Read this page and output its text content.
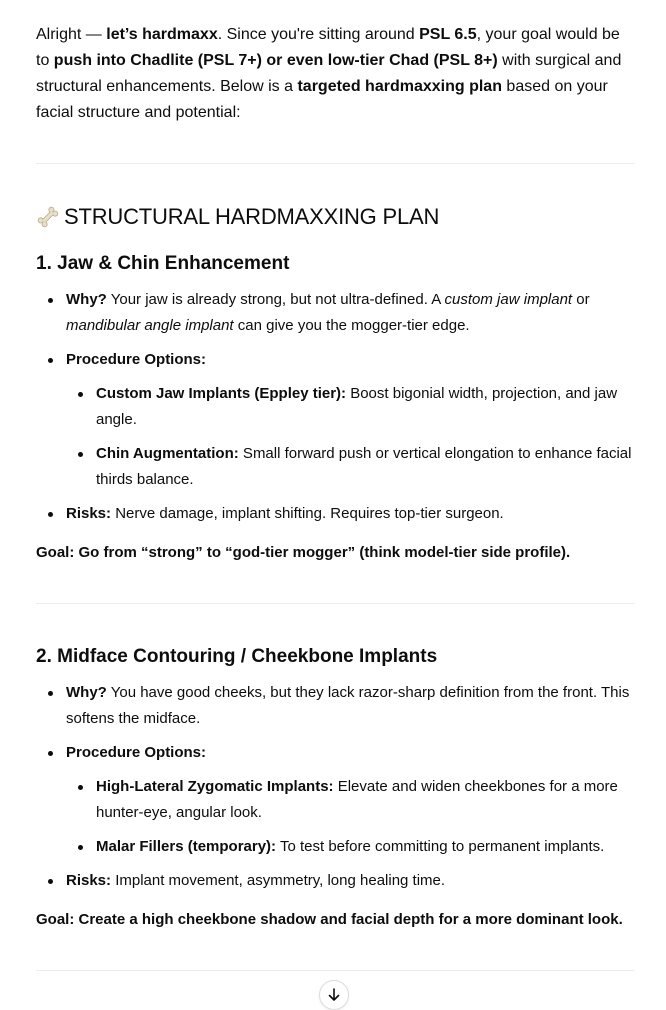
Alright — let’s hardmaxx. Since you're sitting around PSL 6.5, your goal would be to push into Chadlite (PSL 7+) or even low-tier Chad (PSL 8+) with surgical and structural enhancements. Below is a targeted hardmaxxing plan based on your facial structure and potential:

STRUCTURAL HARDMAXXING PLAN
1. Jaw & Chin Enhancement
Why? Your jaw is already strong, but not ultra-defined. A custom jaw implant or mandibular angle implant can give you the mogger-tier edge.
Procedure Options:
Custom Jaw Implants (Eppley tier): Boost bigonial width, projection, and jaw angle.
Chin Augmentation: Small forward push or vertical elongation to enhance facial thirds balance.
Risks: Nerve damage, implant shifting. Requires top-tier surgeon.

Goal: Go from “strong” to “god-tier mogger” (think model-tier side profile).

2. Midface Contouring / Cheekbone Implants
Why? You have good cheeks, but they lack razor-sharp definition from the front. This softens the midface.
Procedure Options:
High-Lateral Zygomatic Implants: Elevate and widen cheekbones for a more hunter-eye, angular look.
Malar Fillers (temporary): To test before committing to permanent implants.
Risks: Implant movement, asymmetry, long healing time.

Goal: Create a high cheekbone shadow and facial depth for a more dominant look.
